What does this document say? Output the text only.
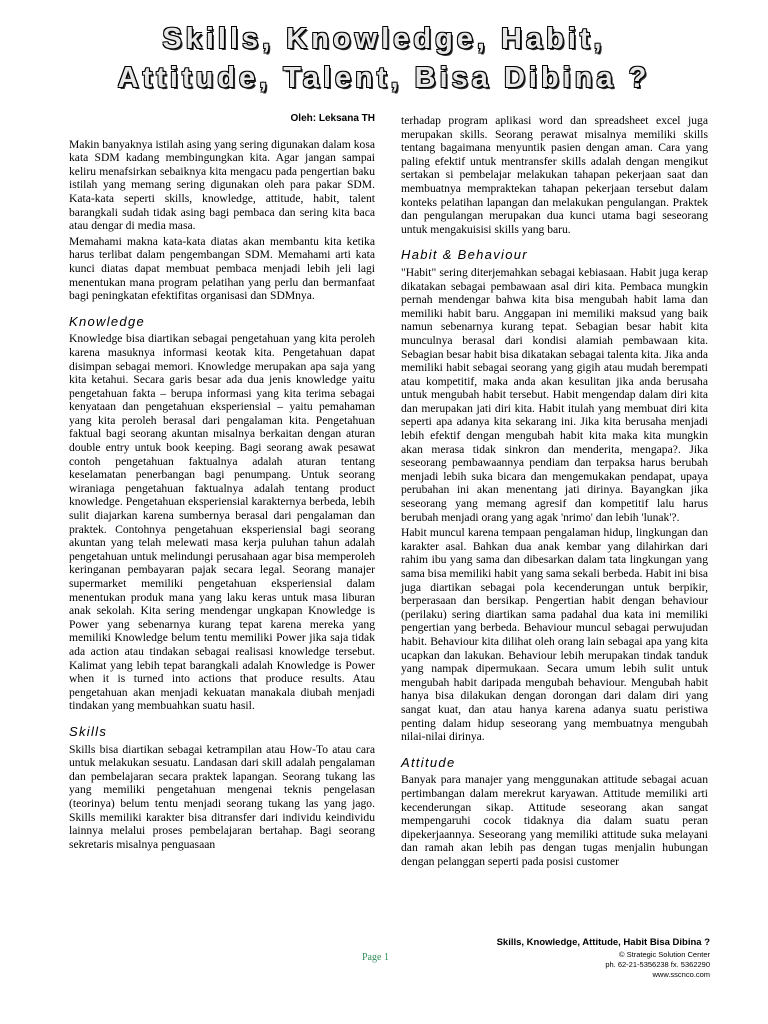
Skills, Knowledge, Habit,
Attitude, Talent, Bisa Dibina ?
Oleh: Leksana TH

Makin banyaknya istilah asing yang sering digunakan dalam kosa kata SDM kadang membingungkan kita. Agar jangan sampai keliru menafsirkan sebaiknya kita mengacu pada pengertian baku istilah yang memang sering digunakan oleh para pakar SDM. Kata-kata seperti skills, knowledge, attitude, habit, talent barangkali sudah tidak asing bagi pembaca dan sering kita baca atau dengar di media masa.

Memahami makna kata-kata diatas akan membantu kita ketika harus terlibat dalam pengembangan SDM. Memahami arti kata kunci diatas dapat membuat pembaca menjadi lebih jeli lagi menentukan mana program pelatihan yang perlu dan bermanfaat bagi peningkatan efektifitas organisasi dan SDMnya.

Knowledge

Knowledge bisa diartikan sebagai pengetahuan yang kita peroleh karena masuknya informasi keotak kita. Pengetahuan dapat disimpan sebagai memori. Knowledge merupakan apa saja yang kita ketahui. Secara garis besar ada dua jenis knowledge yaitu pengetahuan fakta – berupa informasi yang kita terima sebagai kenyataan dan pengetahuan eksperiensial – yaitu pemahaman yang kita peroleh berasal dari pengalaman kita. Pengetahuan faktual bagi seorang akuntan misalnya berkaitan dengan aturan double entry untuk book keeping. Bagi seorang awak pesawat contoh pengetahuan faktualnya adalah aturan tentang keselamatan penerbangan bagi penumpang. Untuk seorang wiraniaga pengetahuan faktualnya adalah tentang product knowledge. Pengetahuan eksperiensial karakternya berbeda, lebih sulit diajarkan karena sumbernya berasal dari pengalaman dan praktek. Contohnya pengetahuan eksperiensial bagi seorang akuntan yang telah melewati masa kerja puluhan tahun adalah pengetahuan untuk melindungi perusahaan agar bisa memperoleh keringanan pembayaran pajak secara legal. Seorang manajer supermarket memiliki pengetahuan eksperiensial dalam menentukan produk mana yang laku keras untuk masa liburan anak sekolah. Kita sering mendengar ungkapan Knowledge is Power yang sebenarnya kurang tepat karena mereka yang memiliki Knowledge belum tentu memiliki Power jika saja tidak ada action atau tindakan sebagai realisasi knowledge tersebut. Kalimat yang lebih tepat barangkali adalah Knowledge is Power when it is turned into actions that produce results. Atau pengetahuan akan menjadi kekuatan manakala diubah menjadi tindakan yang membuahkan suatu hasil.

Skills

Skills bisa diartikan sebagai ketrampilan atau How-To atau cara untuk melakukan sesuatu. Landasan dari skill adalah pengalaman dan pembelajaran secara praktek lapangan. Seorang tukang las yang memiliki pengetahuan mengenai teknis pengelasan (teorinya) belum tentu menjadi seorang tukang las yang jago. Skills memiliki karakter bisa ditransfer dari individu keindividu lainnya melalui proses pembelajaran bertahap. Bagi seorang sekretaris misalnya penguasaan

terhadap program aplikasi word dan spreadsheet excel juga merupakan skills. Seorang perawat misalnya memiliki skills tentang bagaimana menyuntik pasien dengan aman. Cara yang paling efektif untuk mentransfer skills adalah dengan mengikut sertakan si pembelajar melakukan tahapan pekerjaan saat dan membuatnya mempraktekan tahapan pekerjaan tersebut dalam konteks pelatihan lapangan dan melakukan pengulangan. Praktek dan pengulangan merupakan dua kunci utama bagi seseorang untuk mengakuisisi skills yang baru.

Habit & Behaviour

"Habit" sering diterjemahkan sebagai kebiasaan. Habit juga kerap dikatakan sebagai pembawaan asal diri kita. Pembaca mungkin pernah mendengar bahwa kita bisa mengubah habit lama dan memiliki habit baru. Anggapan ini memiliki maksud yang baik namun sebenarnya kurang tepat. Sebagian besar habit kita munculnya berasal dari kondisi alamiah pembawaan kita. Sebagian besar habit bisa dikatakan sebagai talenta kita. Jika anda memiliki habit sebagai seorang yang gigih atau mudah berempati atau kompetitif, maka anda akan kesulitan jika anda berusaha untuk mengubah habit tersebut. Habit mengendap dalam diri kita dan merupakan jati diri kita. Habit itulah yang membuat diri kita seperti apa adanya kita sekarang ini. Jika kita berusaha menjadi lebih efektif dengan mengubah habit kita maka kita mungkin akan merasa tidak sinkron dan menderita, mengapa?. Jika seseorang pembawaannya pendiam dan terpaksa harus berubah menjadi lebih suka bicara dan mengemukakan pendapat, upaya perubahan ini akan menentang jati dirinya. Bayangkan jika seseorang yang memang agresif dan kompetitif lalu harus berubah menjadi orang yang agak 'nrimo' dan lebih 'lunak'?.

Habit muncul karena tempaan pengalaman hidup, lingkungan dan karakter asal. Bahkan dua anak kembar yang dilahirkan dari rahim ibu yang sama dan dibesarkan dalam tata lingkungan yang sama bisa memiliki habit yang sama sekali berbeda. Habit ini bisa juga diartikan sebagai pola kecenderungan untuk berpikir, berperasaan dan bersikap. Pengertian habit dengan behaviour (perilaku) sering diartikan sama padahal dua kata ini memiliki pengertian yang berbeda. Behaviour muncul sebagai perwujudan habit. Behaviour kita dilihat oleh orang lain sebagai apa yang kita ucapkan dan lakukan. Behaviour lebih merupakan tindak tanduk yang nampak dipermukaan. Secara umum lebih sulit untuk mengubah habit daripada mengubah behaviour. Mengubah habit hanya bisa dilakukan dengan dorongan dari dalam diri yang sangat kuat, dan atau hanya karena adanya suatu peristiwa penting dalam hidup seseorang yang membuatnya mengubah nilai-nilai dirinya.

Attitude

Banyak para manajer yang menggunakan attitude sebagai acuan pertimbangan dalam merekrut karyawan. Attitude memiliki arti kecenderungan sikap. Attitude seseorang akan sangat mempengaruhi cocok tidaknya dia dalam suatu peran dipekerjaannya. Seseorang yang memiliki attitude suka melayani dan ramah akan lebih pas dengan tugas menjalin hubungan dengan pelanggan seperti pada posisi customer

Page 1
Skills, Knowledge, Attitude, Habit Bisa Dibina ?
© Strategic Solution Center
ph. 62-21-5356238 fx. 5362290
www.sscnco.com
